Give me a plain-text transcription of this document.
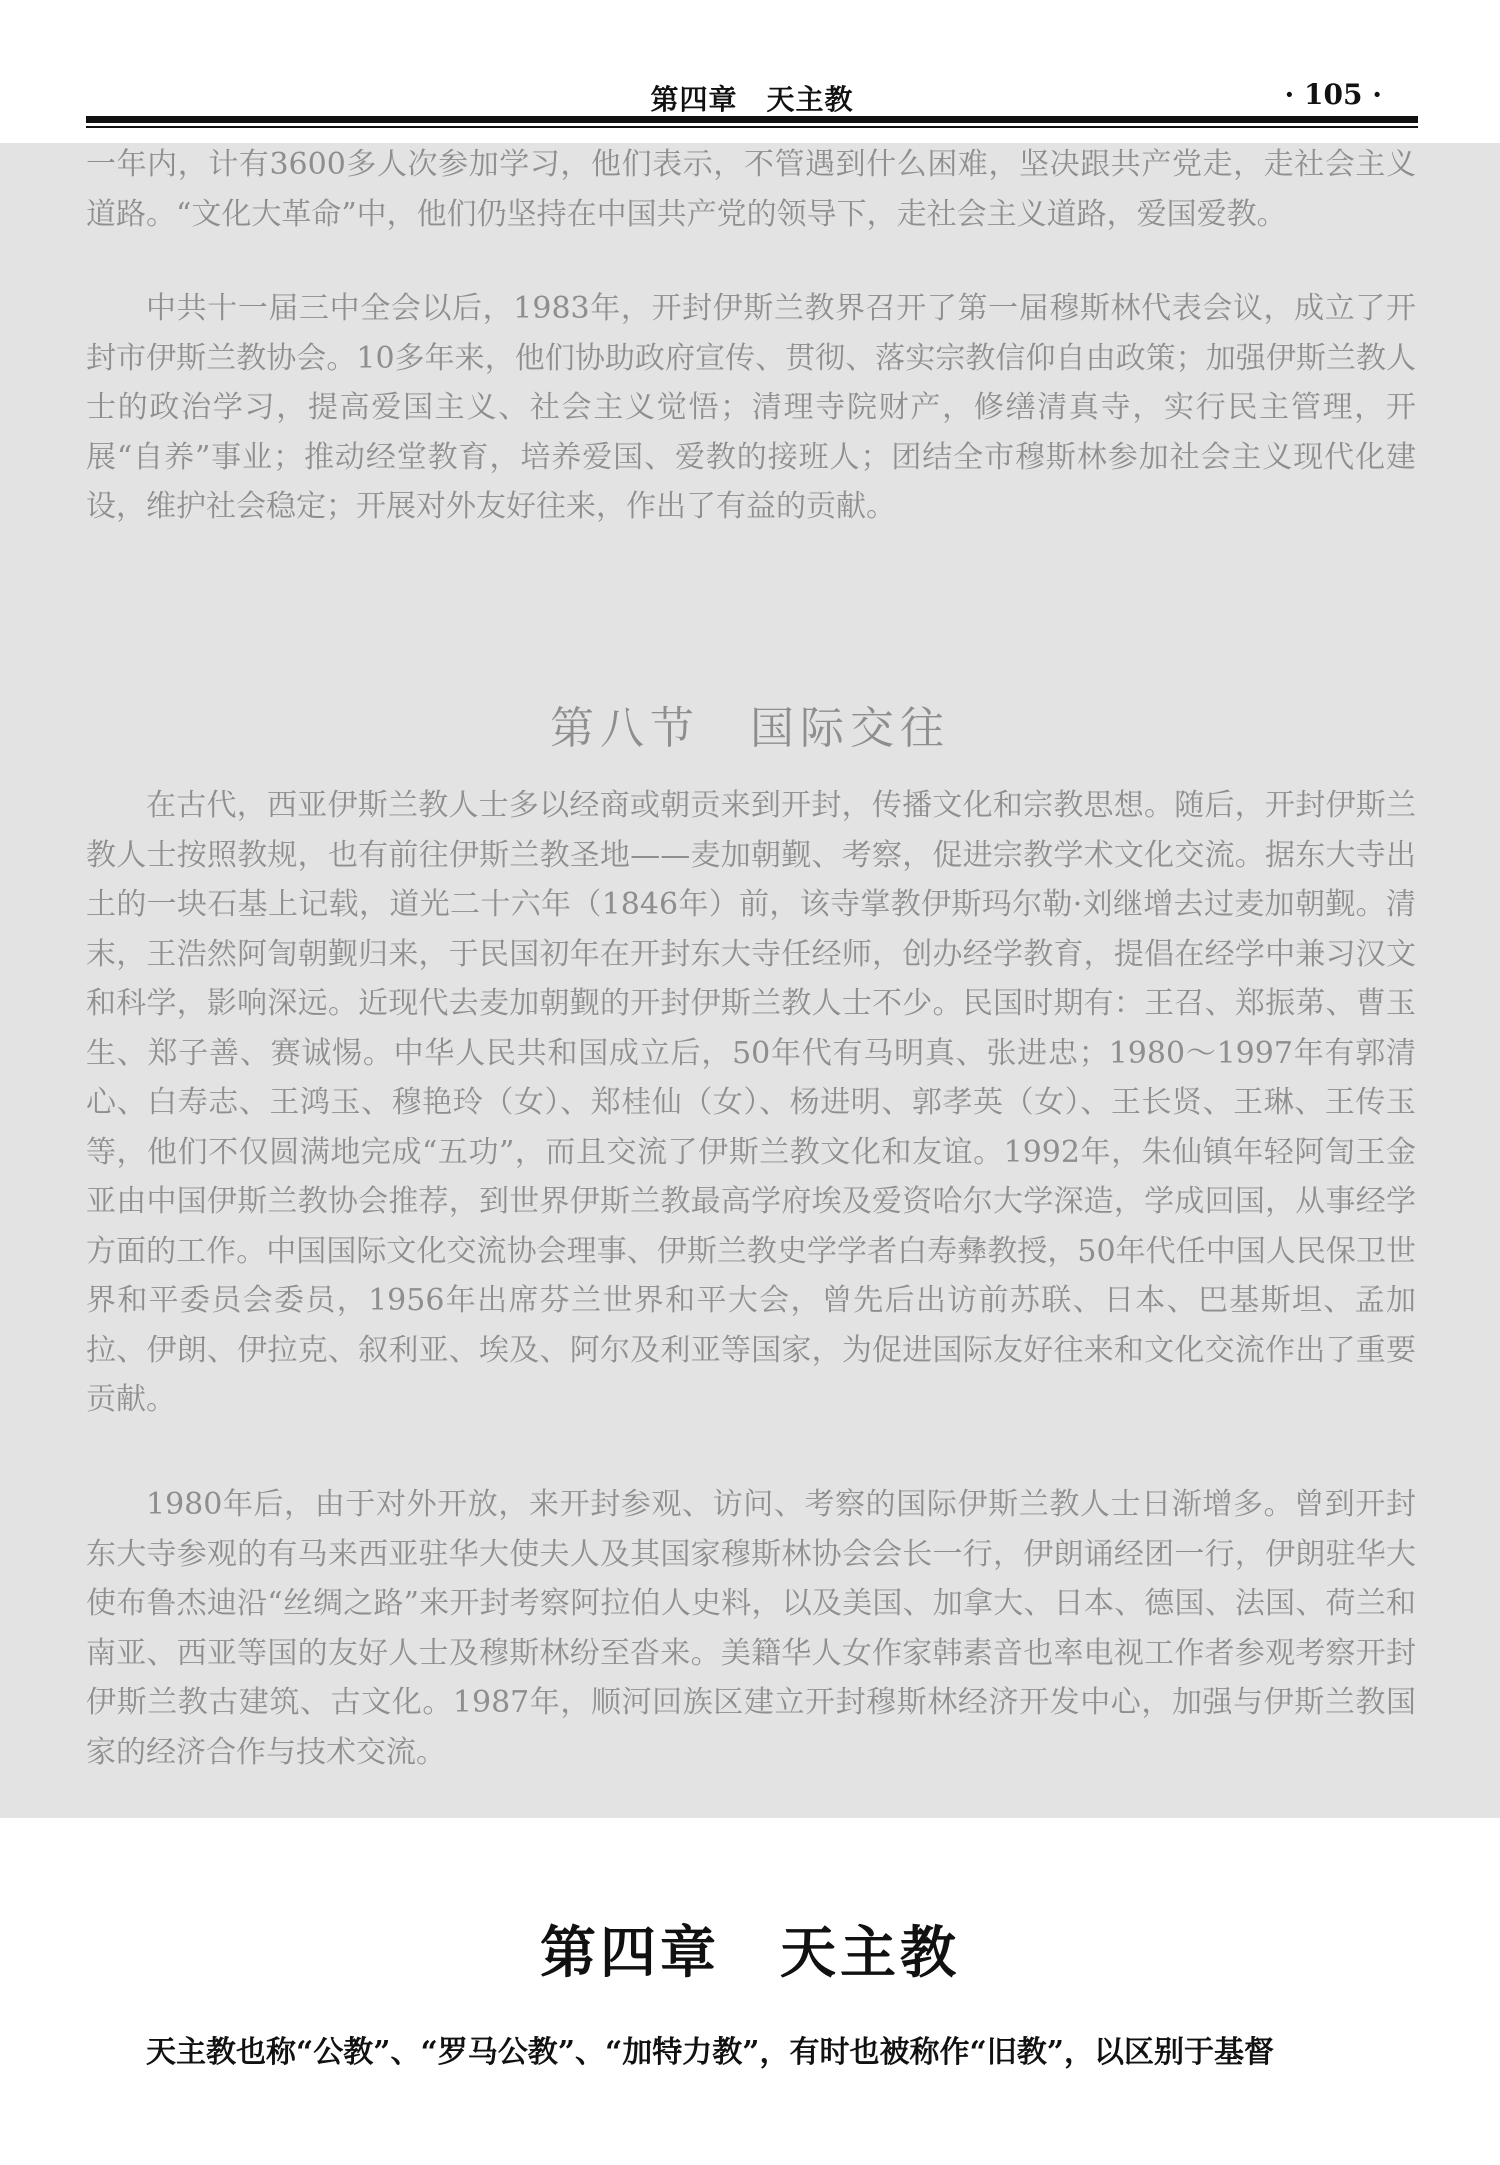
第四章　天主教	· 105 ·

一年内，计有3600多人次参加学习，他们表示，不管遇到什么困难，坚决跟共产党走，走社会主义道路。“文化大革命”中，他们仍坚持在中国共产党的领导下，走社会主义道路，爱国爱教。

中共十一届三中全会以后，1983年，开封伊斯兰教界召开了第一届穆斯林代表会议，成立了开封市伊斯兰教协会。10多年来，他们协助政府宣传、贯彻、落实宗教信仰自由政策；加强伊斯兰教人士的政治学习，提高爱国主义、社会主义觉悟；清理寺院财产，修缮清真寺，实行民主管理，开展“自养”事业；推动经堂教育，培养爱国、爱教的接班人；团结全市穆斯林参加社会主义现代化建设，维护社会稳定；开展对外友好往来，作出了有益的贡献。

第八节　国际交往

在古代，西亚伊斯兰教人士多以经商或朝贡来到开封，传播文化和宗教思想。随后，开封伊斯兰教人士按照教规，也有前往伊斯兰教圣地——麦加朝觐、考察，促进宗教学术文化交流。据东大寺出土的一块石基上记载，道光二十六年（1846年）前，该寺掌教伊斯玛尔勒·刘继增去过麦加朝觐。清末，王浩然阿訇朝觐归来，于民国初年在开封东大寺任经师，创办经学教育，提倡在经学中兼习汉文和科学，影响深远。近现代去麦加朝觐的开封伊斯兰教人士不少。民国时期有：王召、郑振苐、曹玉生、郑子善、赛诚惕。中华人民共和国成立后，50年代有马明真、张进忠；1980～1997年有郭清心、白寿志、王鸿玉、穆艳玲（女）、郑桂仙（女）、杨进明、郭孝英（女）、王长贤、王琳、王传玉等，他们不仅圆满地完成“五功”，而且交流了伊斯兰教文化和友谊。1992年，朱仙镇年轻阿訇王金亚由中国伊斯兰教协会推荐，到世界伊斯兰教最高学府埃及爱资哈尔大学深造，学成回国，从事经学方面的工作。中国国际文化交流协会理事、伊斯兰教史学学者白寿彝教授，50年代任中国人民保卫世界和平委员会委员，1956年出席芬兰世界和平大会，曾先后出访前苏联、日本、巴基斯坦、孟加拉、伊朗、伊拉克、叙利亚、埃及、阿尔及利亚等国家，为促进国际友好往来和文化交流作出了重要贡献。

1980年后，由于对外开放，来开封参观、访问、考察的国际伊斯兰教人士日渐增多。曾到开封东大寺参观的有马来西亚驻华大使夫人及其国家穆斯林协会会长一行，伊朗诵经团一行，伊朗驻华大使布鲁杰迪沿“丝绸之路”来开封考察阿拉伯人史料，以及美国、加拿大、日本、德国、法国、荷兰和南亚、西亚等国的友好人士及穆斯林纷至沓来。美籍华人女作家韩素音也率电视工作者参观考察开封伊斯兰教古建筑、古文化。1987年，顺河回族区建立开封穆斯林经济开发中心，加强与伊斯兰教国家的经济合作与技术交流。

第四章　天主教

天主教也称“公教”、“罗马公教”、“加特力教”，有时也被称作“旧教”，以区别于基督
